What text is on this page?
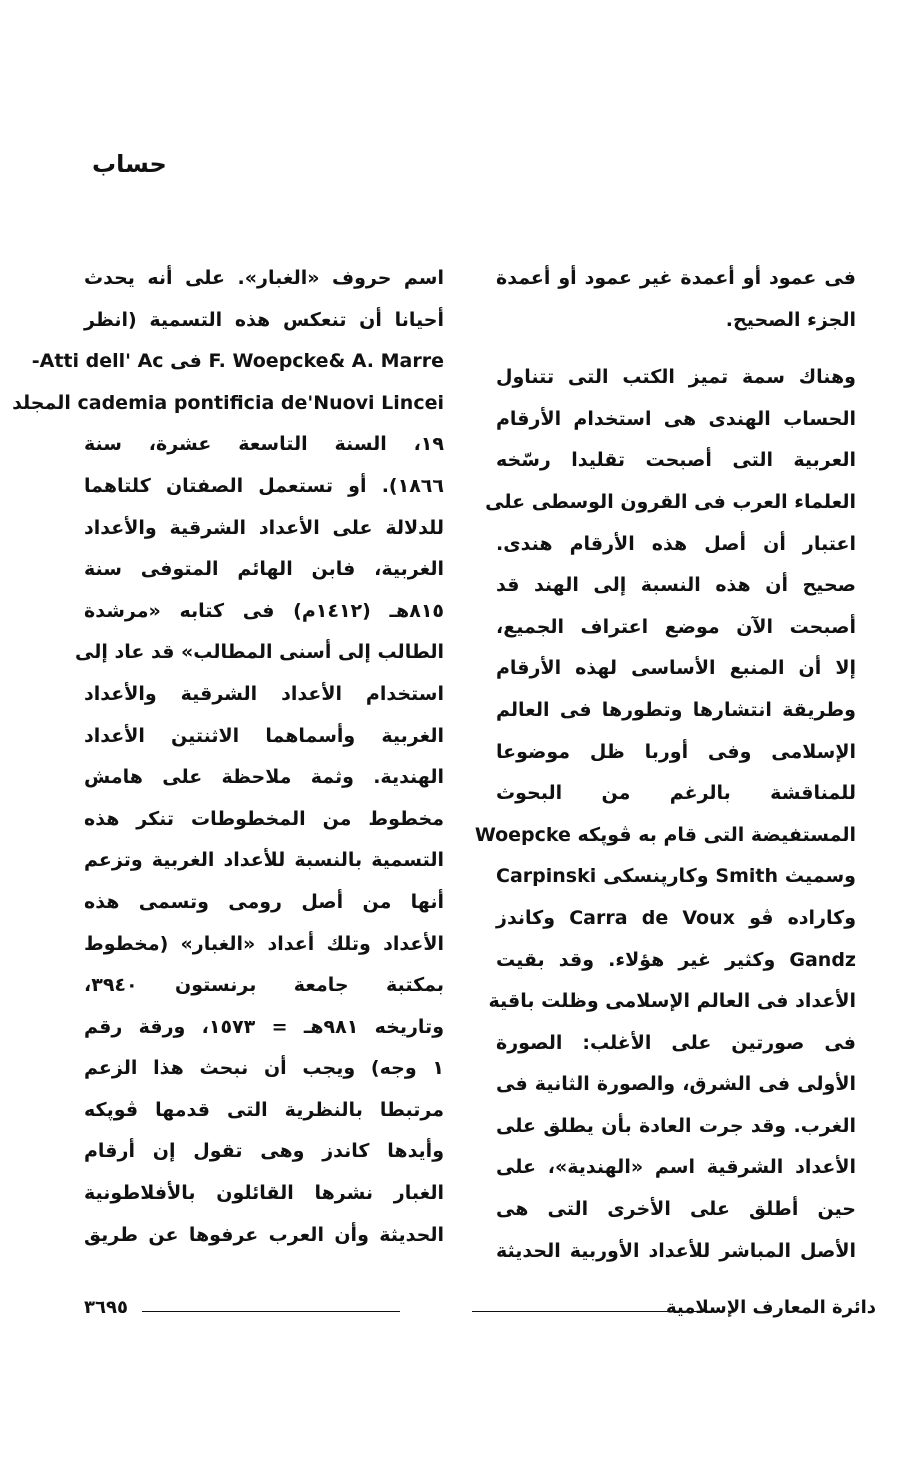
حساب
فى عمود أو أعمدة غير عمود أو أعمدة
الجزء الصحيح.
وهناك سمة تميز الكتب التى تتناول
الحساب الهندى هى استخدام الأرقام
العربية التى أصبحت تقليدا رسّخه
العلماء العرب فى القرون الوسطى على
اعتبار أن أصل هذه الأرقام هندى.
صحيح أن هذه النسبة إلى الهند قد
أصبحت الآن موضع اعتراف الجميع،
إلا أن المنبع الأساسى لهذه الأرقام
وطريقة انتشارها وتطورها فى العالم
الإسلامى وفى أوربا ظل موضوعا
للمناقشة بالرغم من البحوث
المستفيضة التى قام به ڤوپكه Woepcke
وسميث Smith وكارپنسكى Carpinski
وكاراده ڤو Carra de Voux وكاندز
Gandz وكثير غير هؤلاء. وقد بقيت
الأعداد فى العالم الإسلامى وظلت باقية
فى صورتين على الأغلب: الصورة
الأولى فى الشرق، والصورة الثانية فى
الغرب. وقد جرت العادة بأن يطلق على
الأعداد الشرقية اسم «الهندية»، على
حين أطلق على الأخرى التى هى
الأصل المباشر للأعداد الأوربية الحديثة
اسم حروف «الغبار». على أنه يحدث
أحيانا أن تنعكس هذه التسمية (انظر
F. Woepcke& A. Marre فى Atti dell' Ac-
cademia pontificia de'Nuovi Lincei المجلد
١٩، السنة التاسعة عشرة، سنة
١٨٦٦). أو تستعمل الصفتان كلتاهما
للدلالة على الأعداد الشرقية والأعداد
الغربية، فابن الهائم المتوفى سنة
٨١٥هـ (١٤١٢م) فى كتابه «مرشدة
الطالب إلى أسنى المطالب» قد عاد إلى
استخدام الأعداد الشرقية والأعداد
الغربية وأسماهما الاثنتين الأعداد
الهندية. وثمة ملاحظة على هامش
مخطوط من المخطوطات تنكر هذه
التسمية بالنسبة للأعداد الغربية وتزعم
أنها من أصل رومى وتسمى هذه
الأعداد وتلك أعداد «الغبار» (مخطوط
بمكتبة جامعة برنستون ٣٩٤٠،
وتاريخه ٩٨١هـ = ١٥٧٣، ورقة رقم
١ وجه) ويجب أن نبحث هذا الزعم
مرتبطا بالنظرية التى قدمها ڤوپكه
وأيدها كاندز وهى تقول إن أرقام
الغبار نشرها القائلون بالأفلاطونية
الحديثة وأن العرب عرفوها عن طريق
٣٦٩٥	دائرة المعارف الإسلامية
